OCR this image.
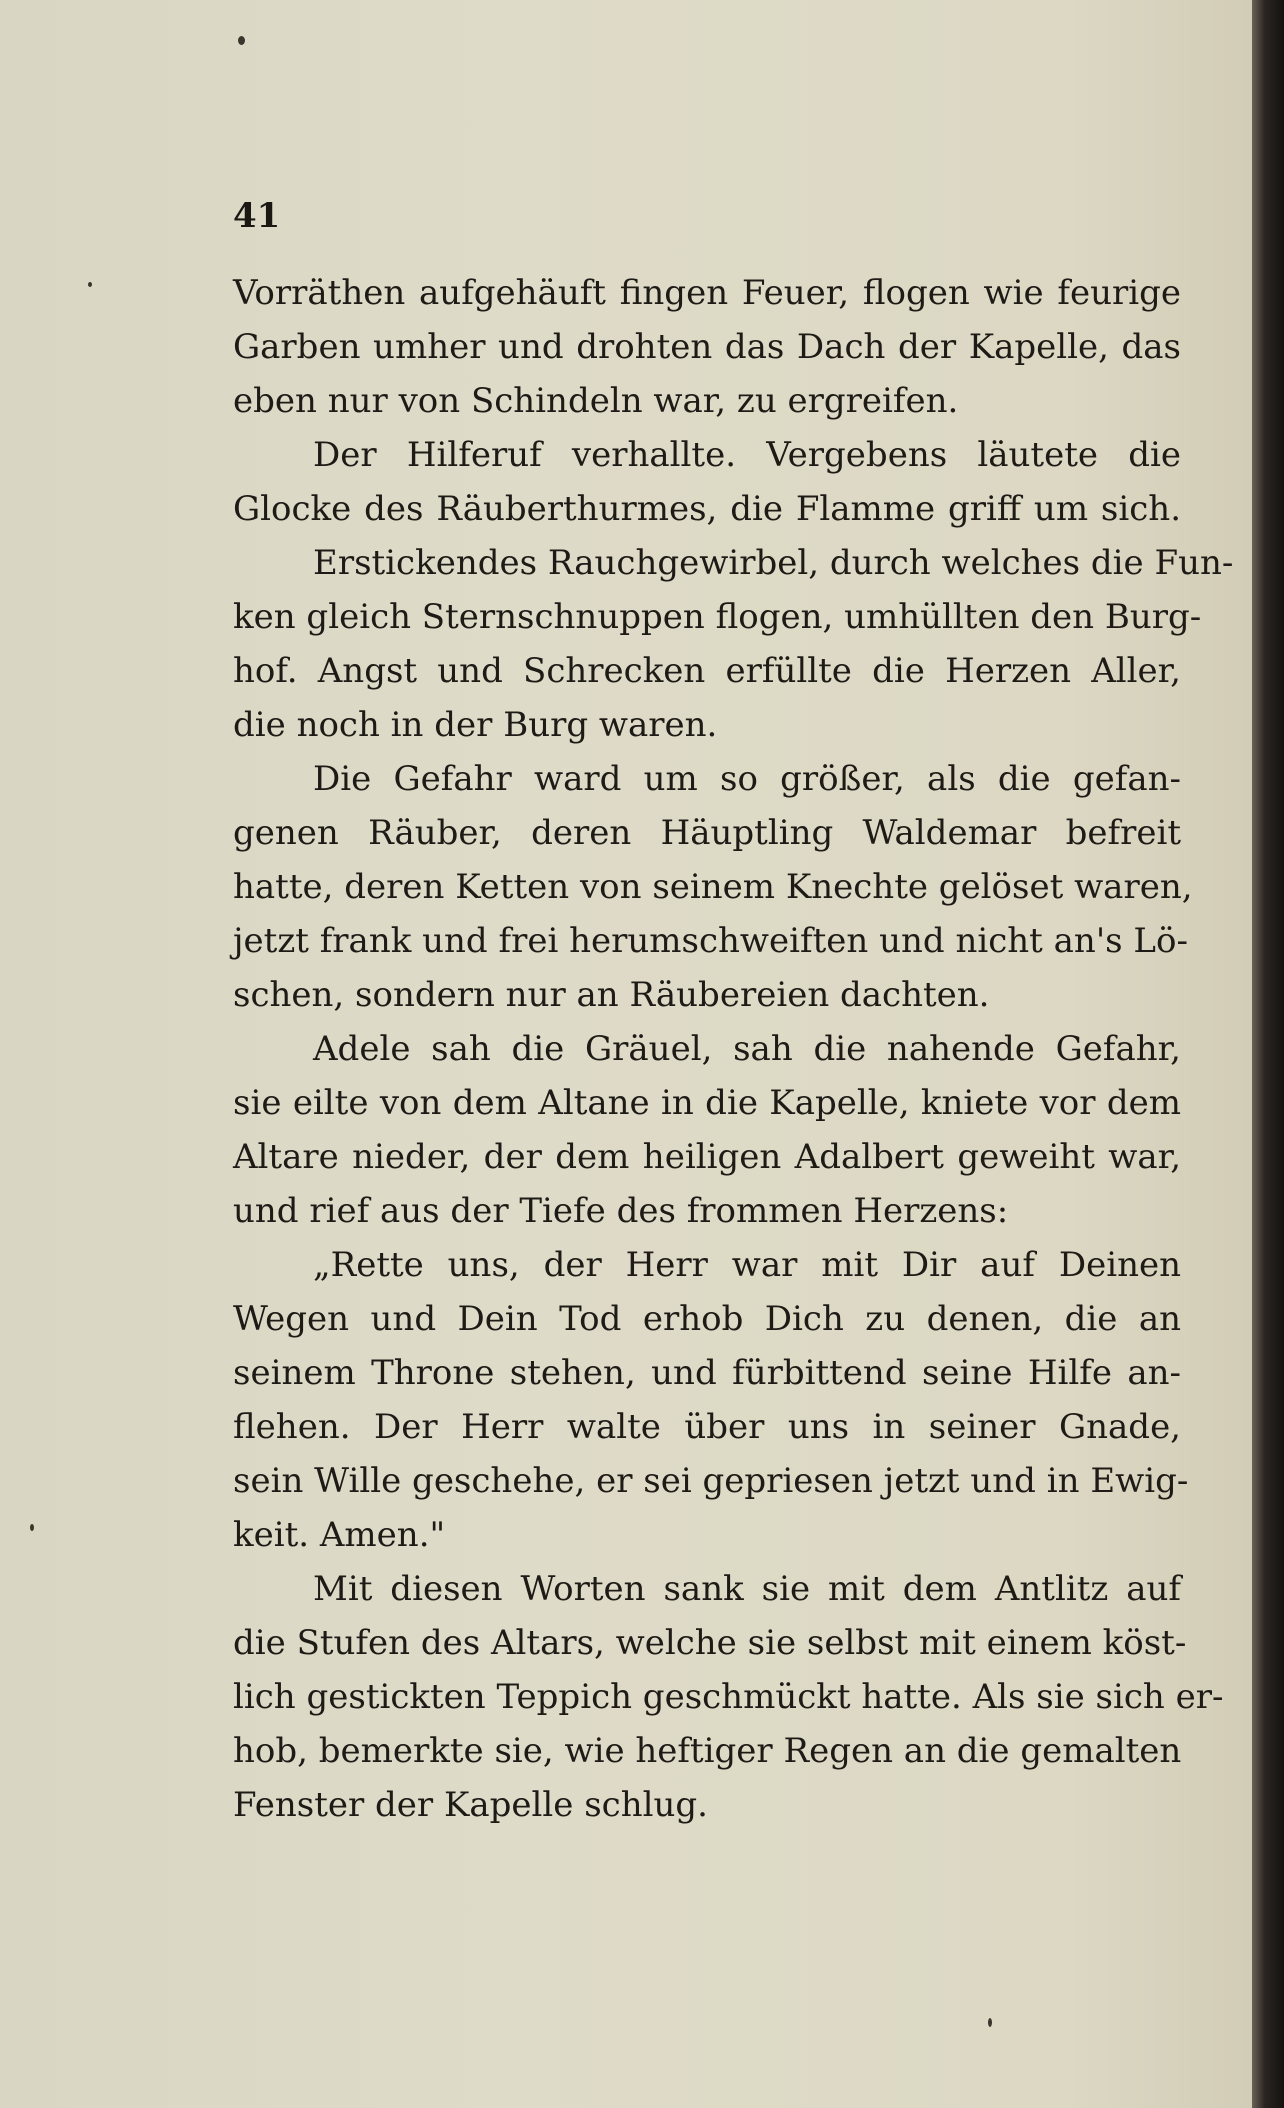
41

Vorräthen aufgehäuft fingen Feuer, flogen wie feurige
Garben umher und drohten das Dach der Kapelle, das
eben nur von Schindeln war, zu ergreifen.

Der Hilferuf verhallte. Vergebens läutete die
Glocke des Räuberthurmes, die Flamme griff um sich.

Erstickendes Rauchgewirbel, durch welches die Fun-
ken gleich Sternschnuppen flogen, umhüllten den Burg-
hof. Angst und Schrecken erfüllte die Herzen Aller,
die noch in der Burg waren.

Die Gefahr ward um so größer, als die gefan-
genen Räuber, deren Häuptling Waldemar befreit
hatte, deren Ketten von seinem Knechte gelöset waren,
jetzt frank und frei herumschweiften und nicht an's Lö-
schen, sondern nur an Räubereien dachten.

Adele sah die Gräuel, sah die nahende Gefahr,
sie eilte von dem Altane in die Kapelle, kniete vor dem
Altare nieder, der dem heiligen Adalbert geweiht war,
und rief aus der Tiefe des frommen Herzens:

„Rette uns, der Herr war mit Dir auf Deinen
Wegen und Dein Tod erhob Dich zu denen, die an
seinem Throne stehen, und fürbittend seine Hilfe an-
flehen. Der Herr walte über uns in seiner Gnade,
sein Wille geschehe, er sei gepriesen jetzt und in Ewig-
keit. Amen."

Mit diesen Worten sank sie mit dem Antlitz auf
die Stufen des Altars, welche sie selbst mit einem köst-
lich gestickten Teppich geschmückt hatte. Als sie sich er-
hob, bemerkte sie, wie heftiger Regen an die gemalten
Fenster der Kapelle schlug.
